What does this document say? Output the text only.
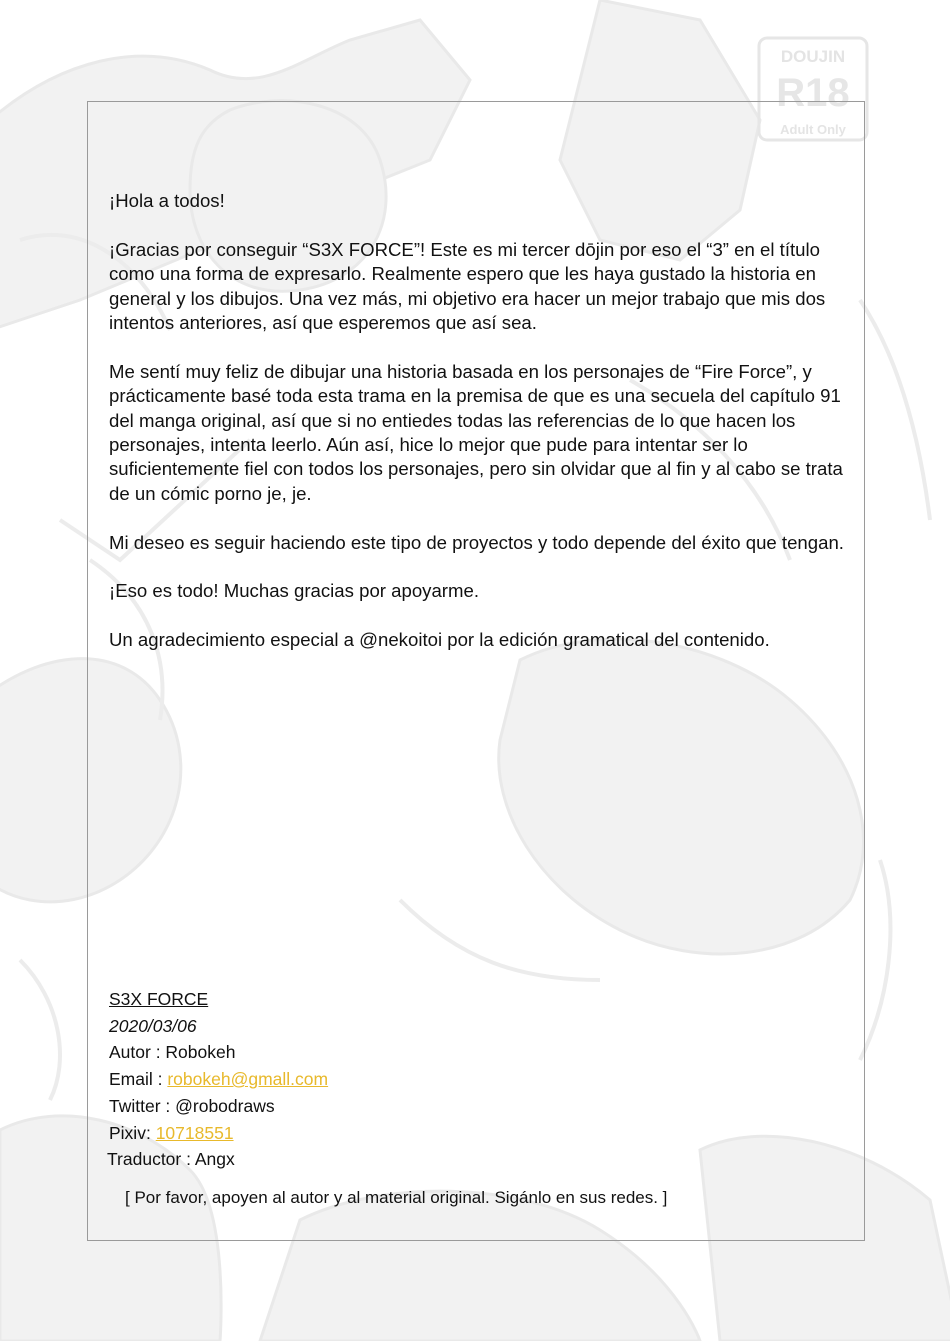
DOUJIN
R18
Adult Only

¡Hola a todos!

¡Gracias por conseguir “S3X FORCE”! Este es mi tercer dōjin por eso el “3” en el título como una forma de expresarlo. Realmente espero que les haya gustado la historia en general y los dibujos. Una vez más, mi objetivo era hacer un mejor trabajo que mis dos intentos anteriores, así que esperemos que así sea.

Me sentí muy feliz de dibujar una historia basada en los personajes de “Fire Force”, y prácticamente basé toda esta trama en la premisa de que es una secuela del capítulo 91 del manga original, así que si no entiedes todas las referencias de lo que hacen los personajes, intenta leerlo. Aún así, hice lo mejor que pude para intentar ser lo suficientemente fiel con todos los personajes, pero sin olvidar que al fin y al cabo se trata de un cómic porno je, je.

Mi deseo es seguir haciendo este tipo de proyectos y todo depende del éxito que tengan.

¡Eso es todo! Muchas gracias por apoyarme.

Un agradecimiento especial a @nekoitoi por la edición gramatical del contenido.

S3X FORCE
2020/03/06
Autor : Robokeh
Email : robokeh@gmall.com
Twitter : @robodraws
Pixiv: 10718551
Traductor : Angx
[ Por favor, apoyen al autor y al material original. Sigánlo en sus redes. ]
